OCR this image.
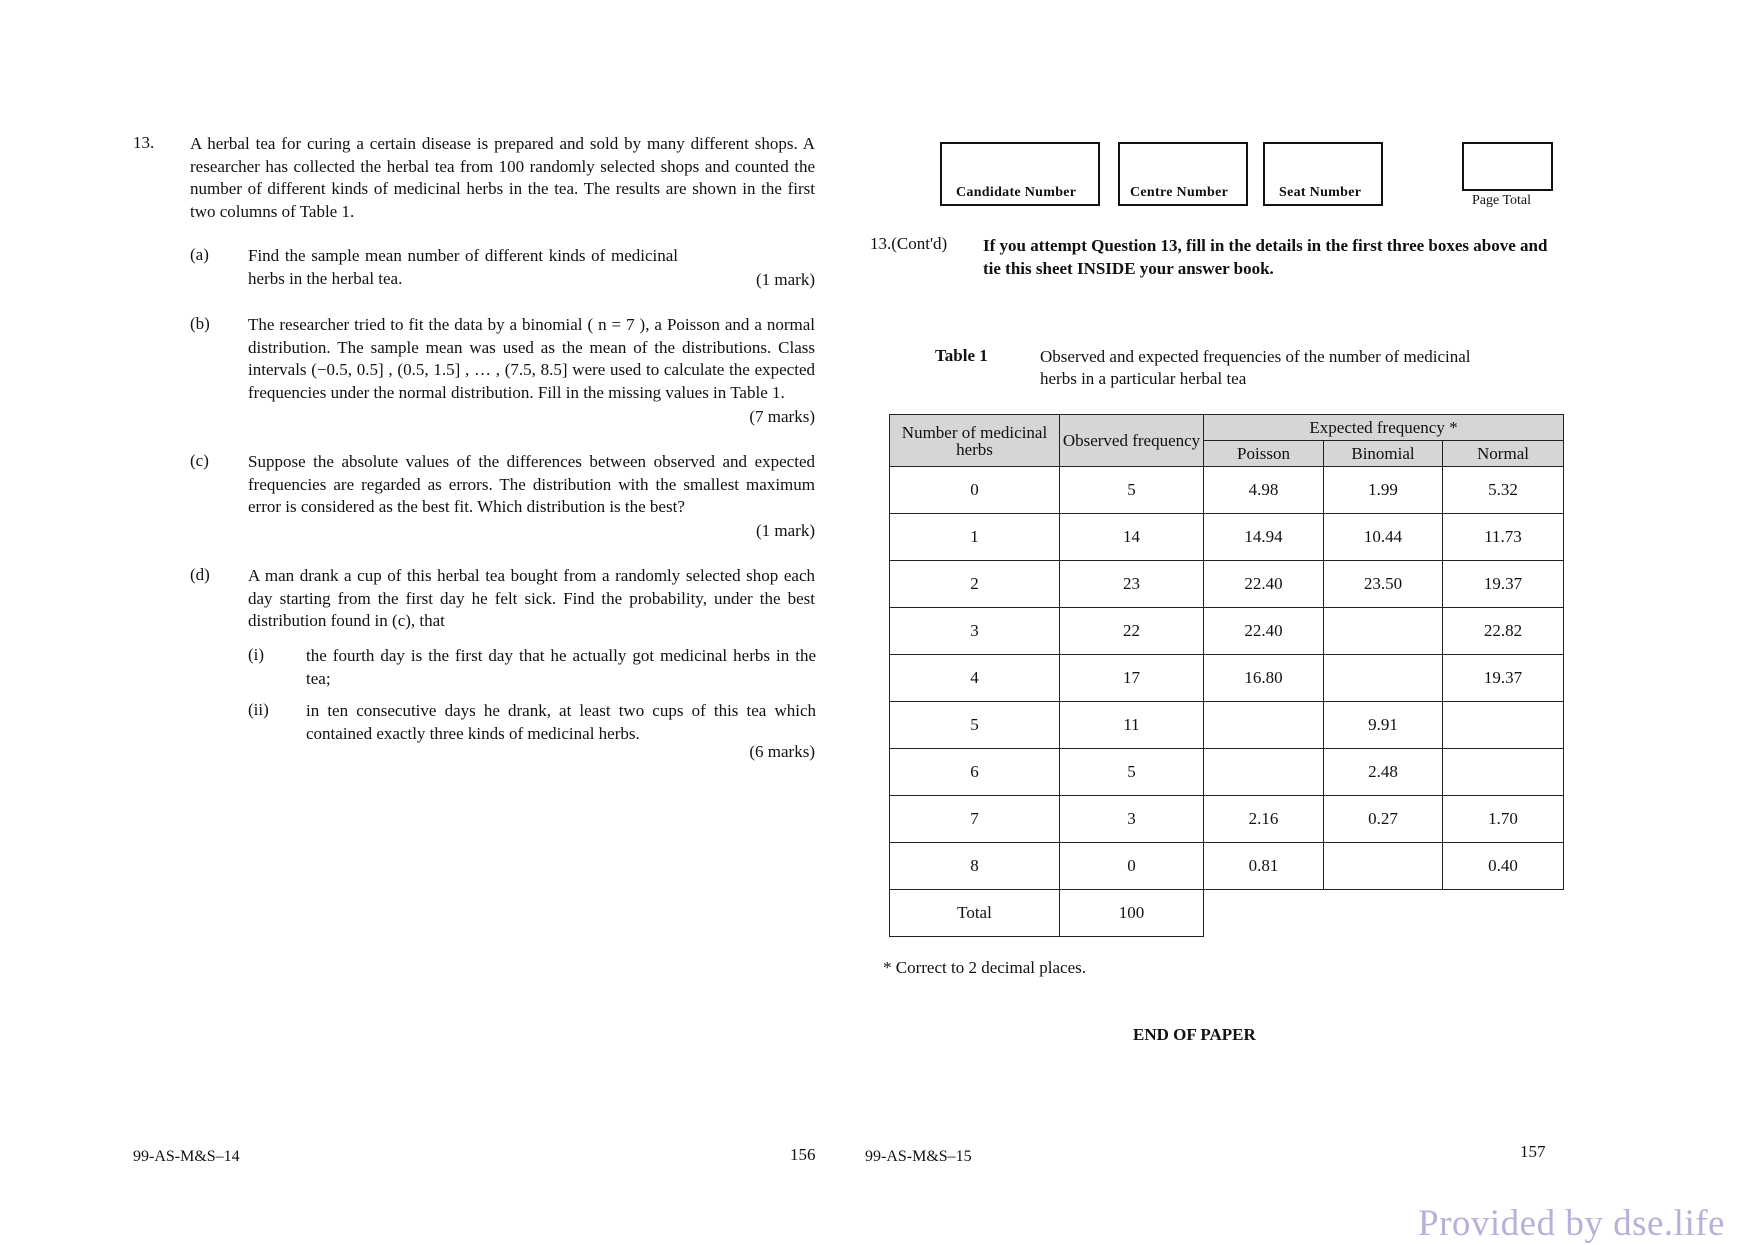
13. A herbal tea for curing a certain disease is prepared and sold by many different shops. A researcher has collected the herbal tea from 100 randomly selected shops and counted the number of different kinds of medicinal herbs in the tea. The results are shown in the first two columns of Table 1.
(a) Find the sample mean number of different kinds of medicinal herbs in the herbal tea.	(1 mark)
(b) The researcher tried to fit the data by a binomial ( n = 7 ), a Poisson and a normal distribution. The sample mean was used as the mean of the distributions. Class intervals (−0.5, 0.5] , (0.5, 1.5] , … , (7.5, 8.5] were used to calculate the expected frequencies under the normal distribution. Fill in the missing values in Table 1.
(7 marks)
(c) Suppose the absolute values of the differences between observed and expected frequencies are regarded as errors. The distribution with the smallest maximum error is considered as the best fit. Which distribution is the best?
(1 mark)
(d) A man drank a cup of this herbal tea bought from a randomly selected shop each day starting from the first day he felt sick. Find the probability, under the best distribution found in (c), that
(i) the fourth day is the first day that he actually got medicinal herbs in the tea;
(ii) in ten consecutive days he drank, at least two cups of this tea which contained exactly three kinds of medicinal herbs.
(6 marks)
99-AS-M&S–14	156
Candidate Number	Centre Number	Seat Number
Page Total
13.(Cont'd) If you attempt Question 13, fill in the details in the first three boxes above and tie this sheet INSIDE your answer book.
Table 1	Observed and expected frequencies of the number of medicinal herbs in a particular herbal tea
Number of medicinal herbs	Observed frequency	Expected frequency *		
		Poisson	Binomial	Normal
0	5	4.98	1.99	5.32
1	14	14.94	10.44	11.73
2	23	22.40	23.50	19.37
3	22	22.40		22.82
4	17	16.80		19.37
5	11		9.91	
6	5		2.48	
7	3	2.16	0.27	1.70
8	0	0.81		0.40
Total	100			
* Correct to 2 decimal places.
END OF PAPER
99-AS-M&S–15	157
Provided by dse.life
